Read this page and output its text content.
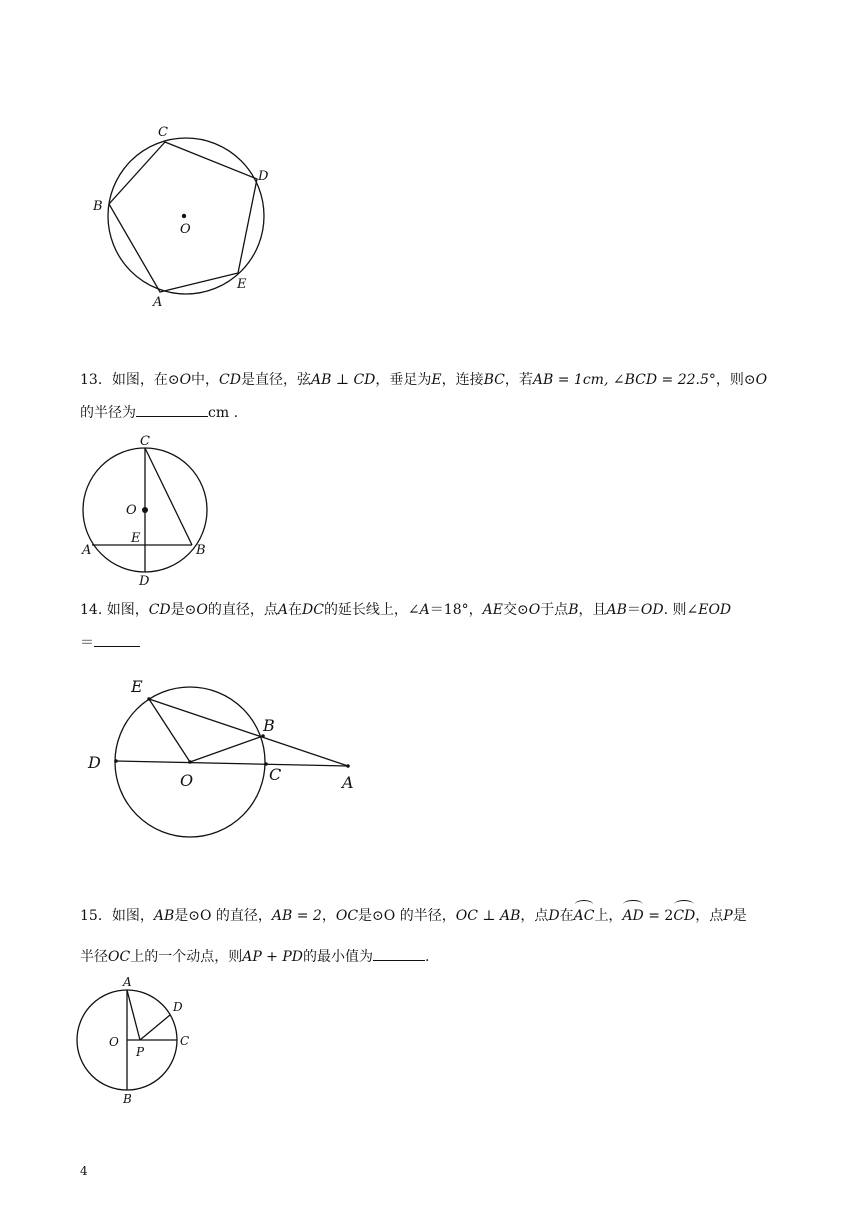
C
D
B
O
E
A
13．如图，在⊙O中，CD是直径，弦AB ⊥ CD，垂足为E，连接BC，若AB = 1cm, ∠BCD = 22.5°，则⊙O
的半径为	cm .
C
O
E
A	B
D
14. 如图，CD是⊙O的直径，点A在DC的延长线上，∠A＝18°，AE交⊙O于点B，且AB＝OD. 则∠EOD
＝
E
B
D
O	C	A
15．如图，AB是⊙O 的直径，AB = 2，OC是⊙O 的半径，OC ⊥ AB，点D在AC上，AD = 2CD，点P是
半径OC上的一个动点，则AP + PD的最小值为	.
A
D
O
P
C
B
4
